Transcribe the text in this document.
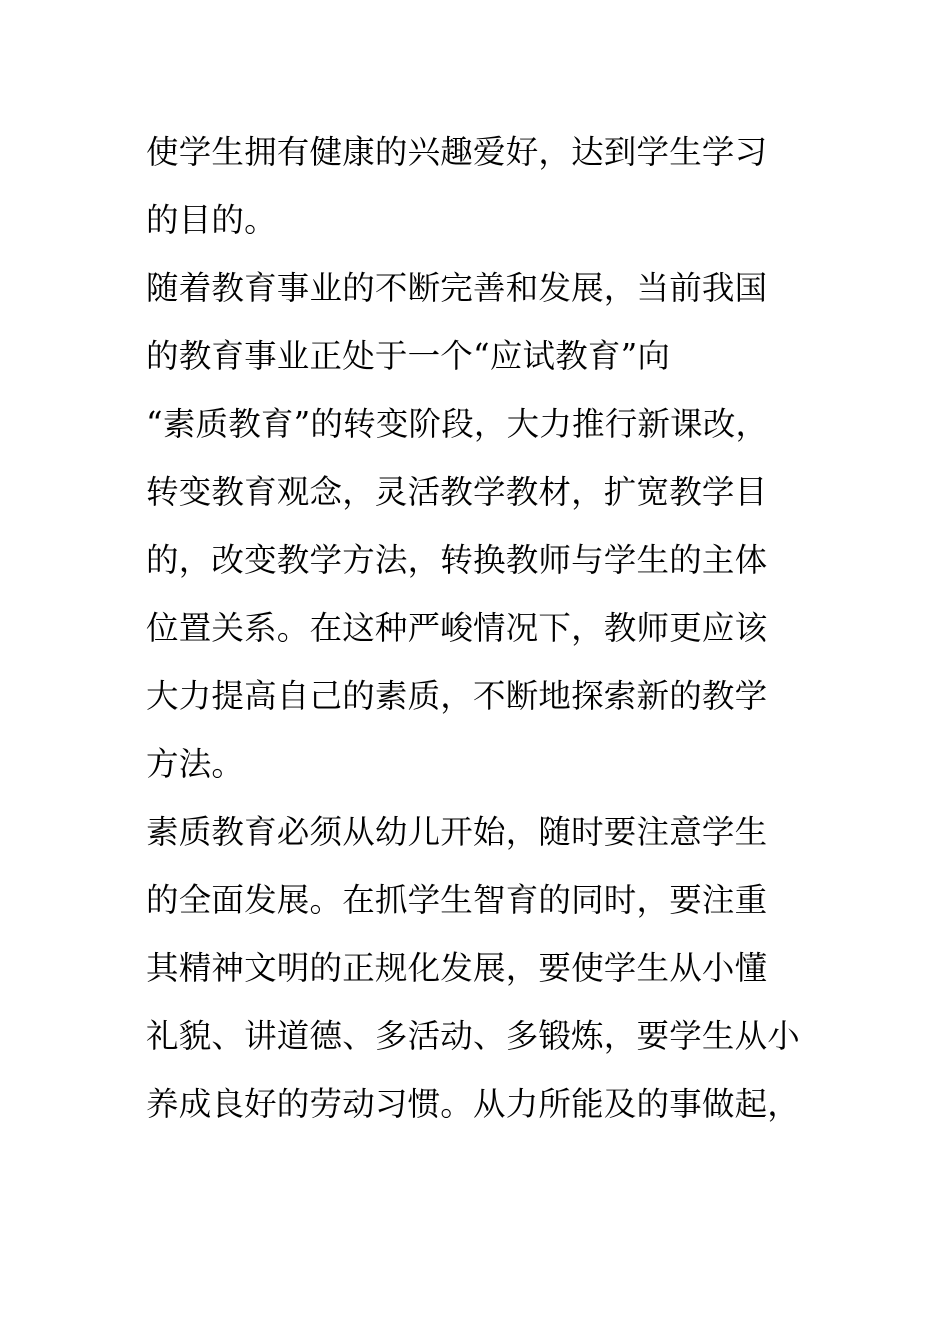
使学生拥有健康的兴趣爱好，达到学生学习
的目的。
随着教育事业的不断完善和发展，当前我国
的教育事业正处于一个“应试教育”向
“素质教育”的转变阶段，大力推行新课改，
转变教育观念，灵活教学教材，扩宽教学目
的，改变教学方法，转换教师与学生的主体
位置关系。在这种严峻情况下，教师更应该
大力提高自己的素质，不断地探索新的教学
方法。
素质教育必须从幼儿开始，随时要注意学生
的全面发展。在抓学生智育的同时，要注重
其精神文明的正规化发展，要使学生从小懂
礼貌、讲道德、多活动、多锻炼，要学生从小
养成良好的劳动习惯。从力所能及的事做起，
